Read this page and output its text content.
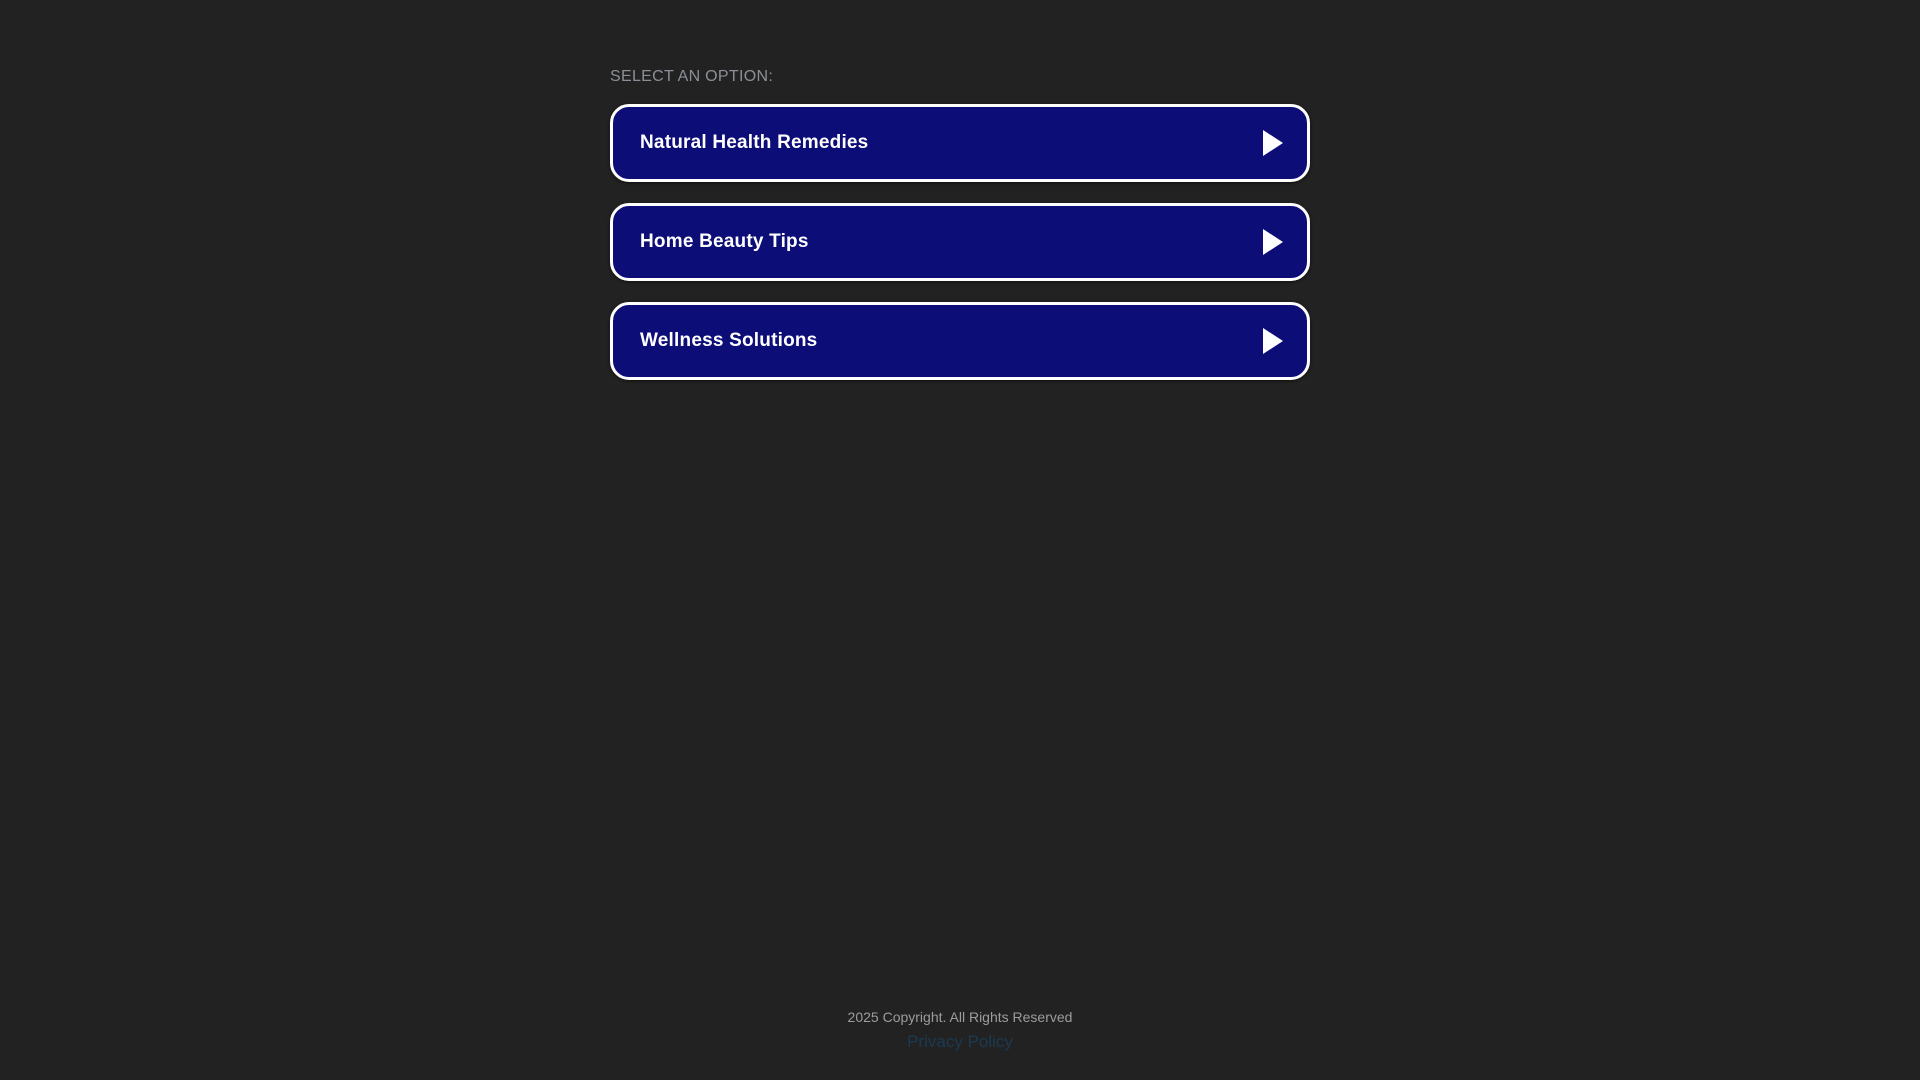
SELECT AN OPTION:
Natural Health Remedies
Home Beauty Tips
Wellness Solutions
2025 Copyright. All Rights Reserved
Privacy Policy
